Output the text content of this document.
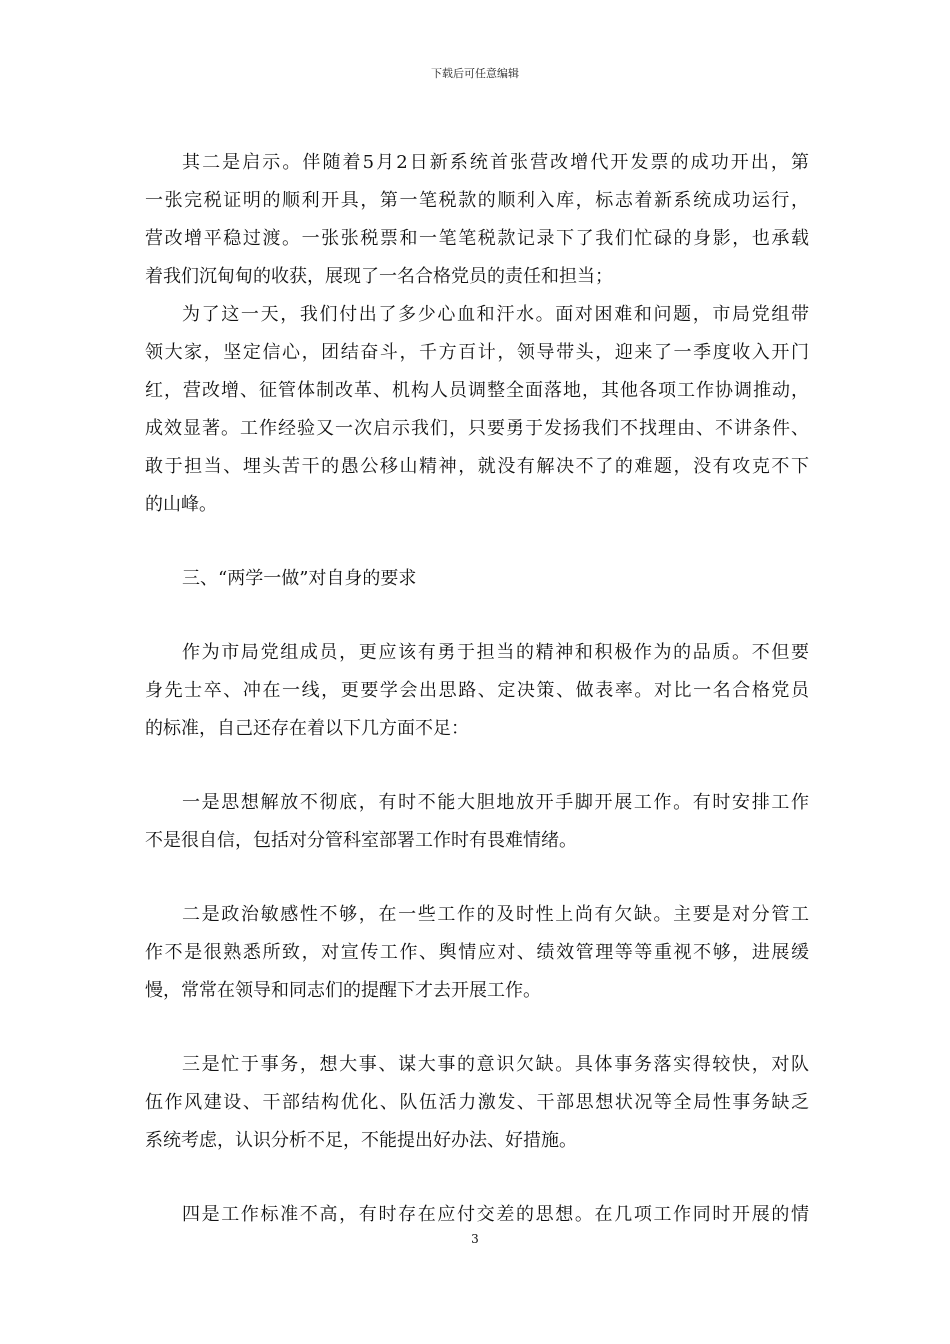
下载后可任意编辑
其二是启示。伴随着5月2日新系统首张营改增代开发票的成功开出，第
一张完税证明的顺利开具，第一笔税款的顺利入库，标志着新系统成功运行，
营改增平稳过渡。一张张税票和一笔笔税款记录下了我们忙碌的身影，也承载
着我们沉甸甸的收获，展现了一名合格党员的责任和担当；
为了这一天，我们付出了多少心血和汗水。面对困难和问题，市局党组带
领大家，坚定信心，团结奋斗，千方百计，领导带头，迎来了一季度收入开门
红，营改增、征管体制改革、机构人员调整全面落地，其他各项工作协调推动，
成效显著。工作经验又一次启示我们，只要勇于发扬我们不找理由、不讲条件、
敢于担当、埋头苦干的愚公移山精神，就没有解决不了的难题，没有攻克不下
的山峰。
三、“两学一做”对自身的要求
作为市局党组成员，更应该有勇于担当的精神和积极作为的品质。不但要
身先士卒、冲在一线，更要学会出思路、定决策、做表率。对比一名合格党员
的标准，自己还存在着以下几方面不足：
一是思想解放不彻底，有时不能大胆地放开手脚开展工作。有时安排工作
不是很自信，包括对分管科室部署工作时有畏难情绪。
二是政治敏感性不够，在一些工作的及时性上尚有欠缺。主要是对分管工
作不是很熟悉所致，对宣传工作、舆情应对、绩效管理等等重视不够，进展缓
慢，常常在领导和同志们的提醒下才去开展工作。
三是忙于事务，想大事、谋大事的意识欠缺。具体事务落实得较快，对队
伍作风建设、干部结构优化、队伍活力激发、干部思想状况等全局性事务缺乏
系统考虑，认识分析不足，不能提出好办法、好措施。
四是工作标准不高，有时存在应付交差的思想。在几项工作同时开展的情
3
